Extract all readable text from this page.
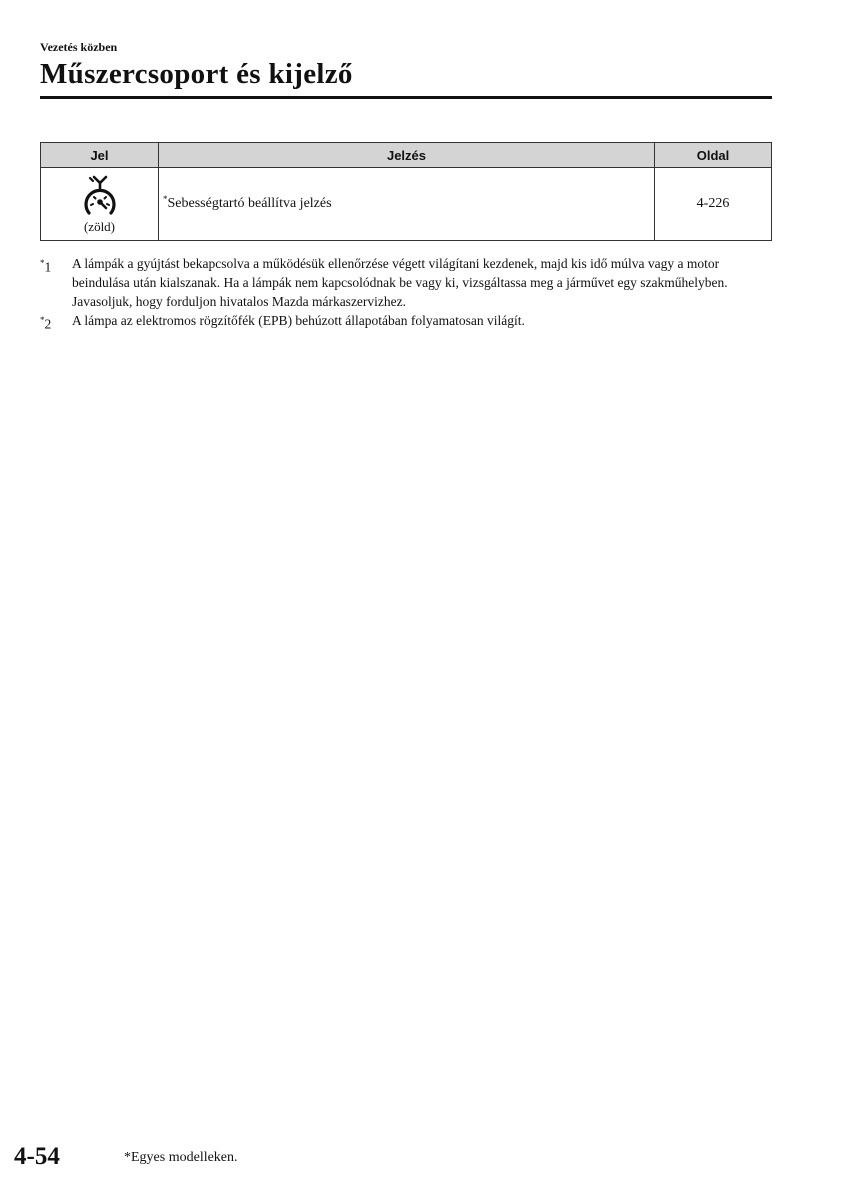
Vezetés közben
Műszercsoport és kijelző
Jel	Jelzés	Oldal

(zöld)	*Sebességtartó beállítva jelzés	4-226
*1	A lámpák a gyújtást bekapcsolva a működésük ellenőrzése végett világítani kezdenek, majd kis idő múlva vagy a motor beindulása után kialszanak. Ha a lámpák nem kapcsolódnak be vagy ki, vizsgáltassa meg a járművet egy szakműhelyben. Javasoljuk, hogy forduljon hivatalos Mazda márkaszervizhez.
*2	A lámpa az elektromos rögzítőfék (EPB) behúzott állapotában folyamatosan világít.
4-54	*Egyes modelleken.
